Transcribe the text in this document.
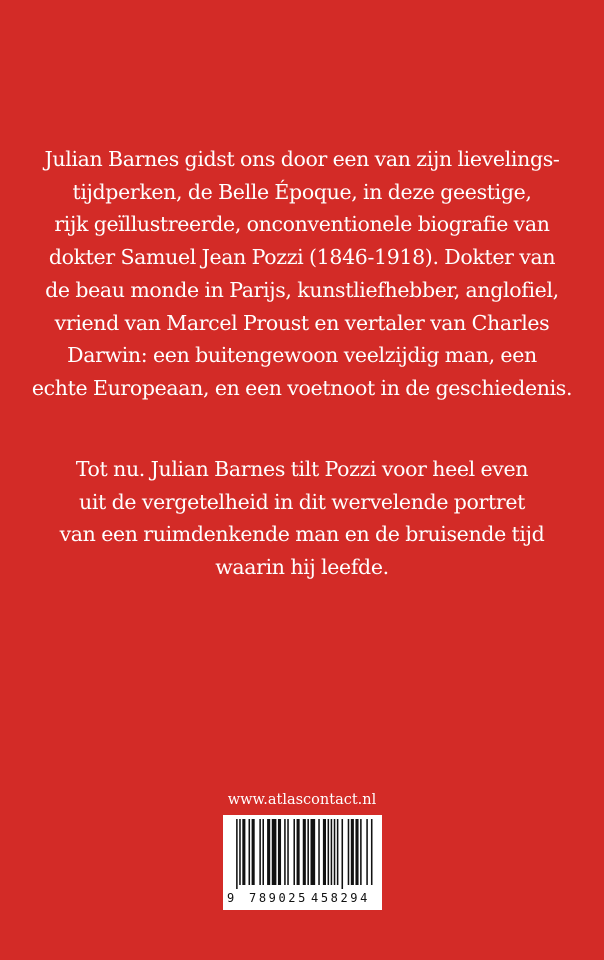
Julian Barnes gidst ons door een van zijn lievelings-
tijdperken, de Belle Époque, in deze geestige,
rijk geïllustreerde, onconventionele biografie van
dokter Samuel Jean Pozzi (1846-1918). Dokter van
de beau monde in Parijs, kunstliefhebber, anglofiel,
vriend van Marcel Proust en vertaler van Charles
Darwin: een buitengewoon veelzijdig man, een
echte Europeaan, en een voetnoot in de geschiedenis.
Tot nu. Julian Barnes tilt Pozzi voor heel even
uit de vergetelheid in dit wervelende portret
van een ruimdenkende man en de bruisende tijd
waarin hij leefde.
www.atlascontact.nl
9 789025 458294
